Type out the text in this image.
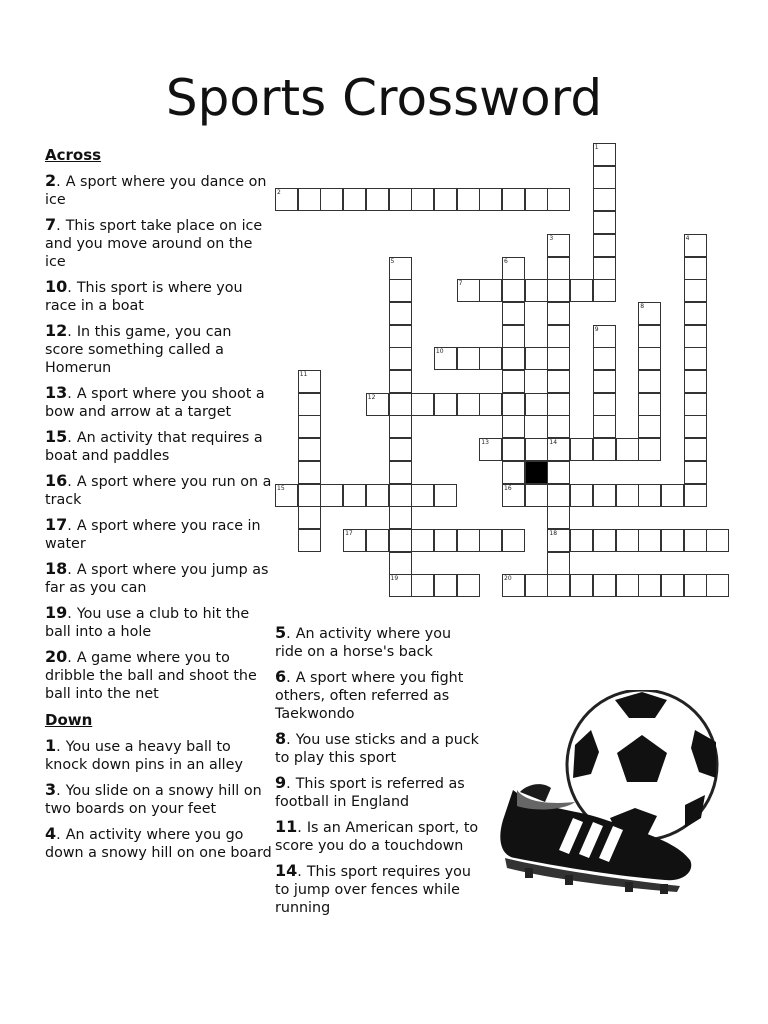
Sports Crossword
Across
2. A sport where you dance on ice
7. This sport take place on ice and you move around on the ice
10. This sport is where you race in a boat
12. In this game, you can score something called a Homerun
13. A sport where you shoot a bow and arrow at a target
15. An activity that requires a boat and paddles
16. A sport where you run on a track
17. A sport where you race in water
18. A sport where you jump as far as you can
19. You use a club to hit the ball into a hole
20. A game where you to dribble the ball and shoot the ball into the net
Down
1. You use a heavy ball to knock down pins in an alley
3. You slide on a snowy hill on two boards on your feet
4. An activity where you go down a snowy hill on one board
5. An activity where you ride on a horse's back
6. A sport where you fight others, often referred as Taekwondo
8. You use sticks and a puck to play this sport
9. This sport is referred as football in England
11. Is an American sport, to score you do a touchdown
14. This sport requires you to jump over fences while running
2
7
10
12
13	14
15	16
17	18
19	20
1
3	4
5	6
8
9
11
